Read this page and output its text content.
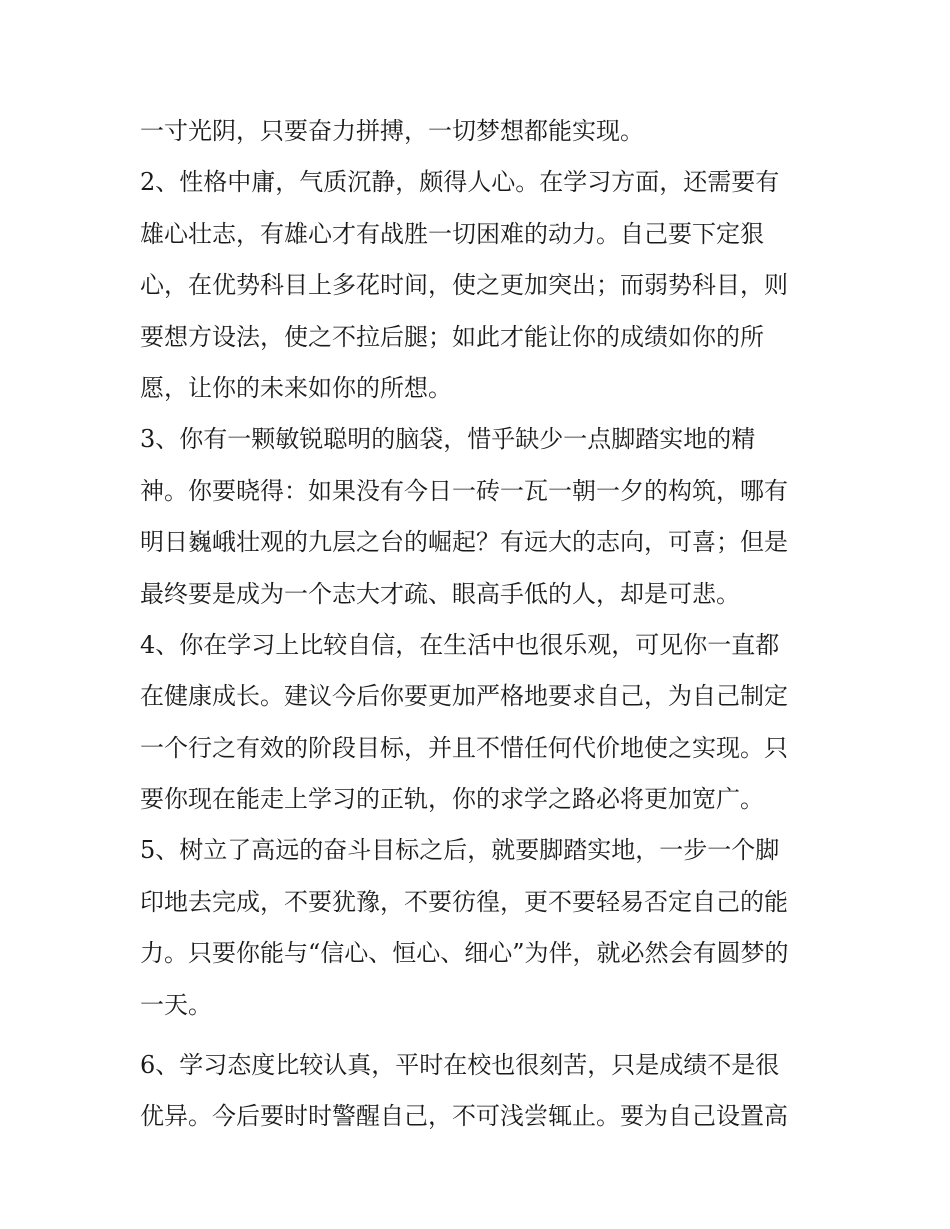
一寸光阴，只要奋力拼搏，一切梦想都能实现。
2、性格中庸，气质沉静，颇得人心。在学习方面，还需要有
雄心壮志，有雄心才有战胜一切困难的动力。自己要下定狠
心，在优势科目上多花时间，使之更加突出；而弱势科目，则
要想方设法，使之不拉后腿；如此才能让你的成绩如你的所
愿，让你的未来如你的所想。
3、你有一颗敏锐聪明的脑袋，惜乎缺少一点脚踏实地的精
神。你要晓得：如果没有今日一砖一瓦一朝一夕的构筑，哪有
明日巍峨壮观的九层之台的崛起？有远大的志向，可喜；但是
最终要是成为一个志大才疏、眼高手低的人，却是可悲。
4、你在学习上比较自信，在生活中也很乐观，可见你一直都
在健康成长。建议今后你要更加严格地要求自己，为自己制定
一个行之有效的阶段目标，并且不惜任何代价地使之实现。只
要你现在能走上学习的正轨，你的求学之路必将更加宽广。
5、树立了高远的奋斗目标之后，就要脚踏实地，一步一个脚
印地去完成，不要犹豫，不要彷徨，更不要轻易否定自己的能
力。只要你能与“信心、恒心、细心”为伴，就必然会有圆梦的
一天。
6、学习态度比较认真，平时在校也很刻苦，只是成绩不是很
优异。今后要时时警醒自己，不可浅尝辄止。要为自己设置高
